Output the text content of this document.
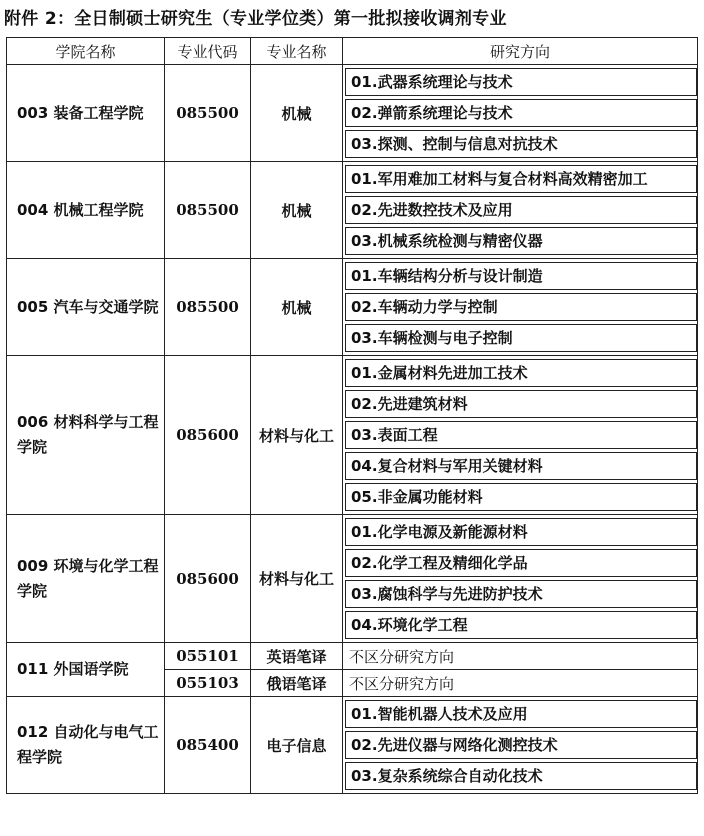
附件 2：全日制硕士研究生（专业学位类）第一批拟接收调剂专业
学院名称	专业代码	专业名称	研究方向
003 装备工程学院	085500	机械	01.武器系统理论与技术
02.弹箭系统理论与技术
03.探测、控制与信息对抗技术

004 机械工程学院	085500	机械	01.军用难加工材料与复合材料高效精密加工
02.先进数控技术及应用
03.机械系统检测与精密仪器

005 汽车与交通学院	085500	机械	01.车辆结构分析与设计制造
02.车辆动力学与控制
03.车辆检测与电子控制

006 材料科学与工程学院	085600	材料与化工	01.金属材料先进加工技术
02.先进建筑材料
03.表面工程
04.复合材料与军用关键材料
05.非金属功能材料

009 环境与化学工程学院	085600	材料与化工	01.化学电源及新能源材料
02.化学工程及精细化学品
03.腐蚀科学与先进防护技术
04.环境化学工程

011 外国语学院	055101	英语笔译	不区分研究方向
	055103	俄语笔译	不区分研究方向
012 自动化与电气工程学院	085400	电子信息	01.智能机器人技术及应用
02.先进仪器与网络化测控技术
03.复杂系统综合自动化技术
